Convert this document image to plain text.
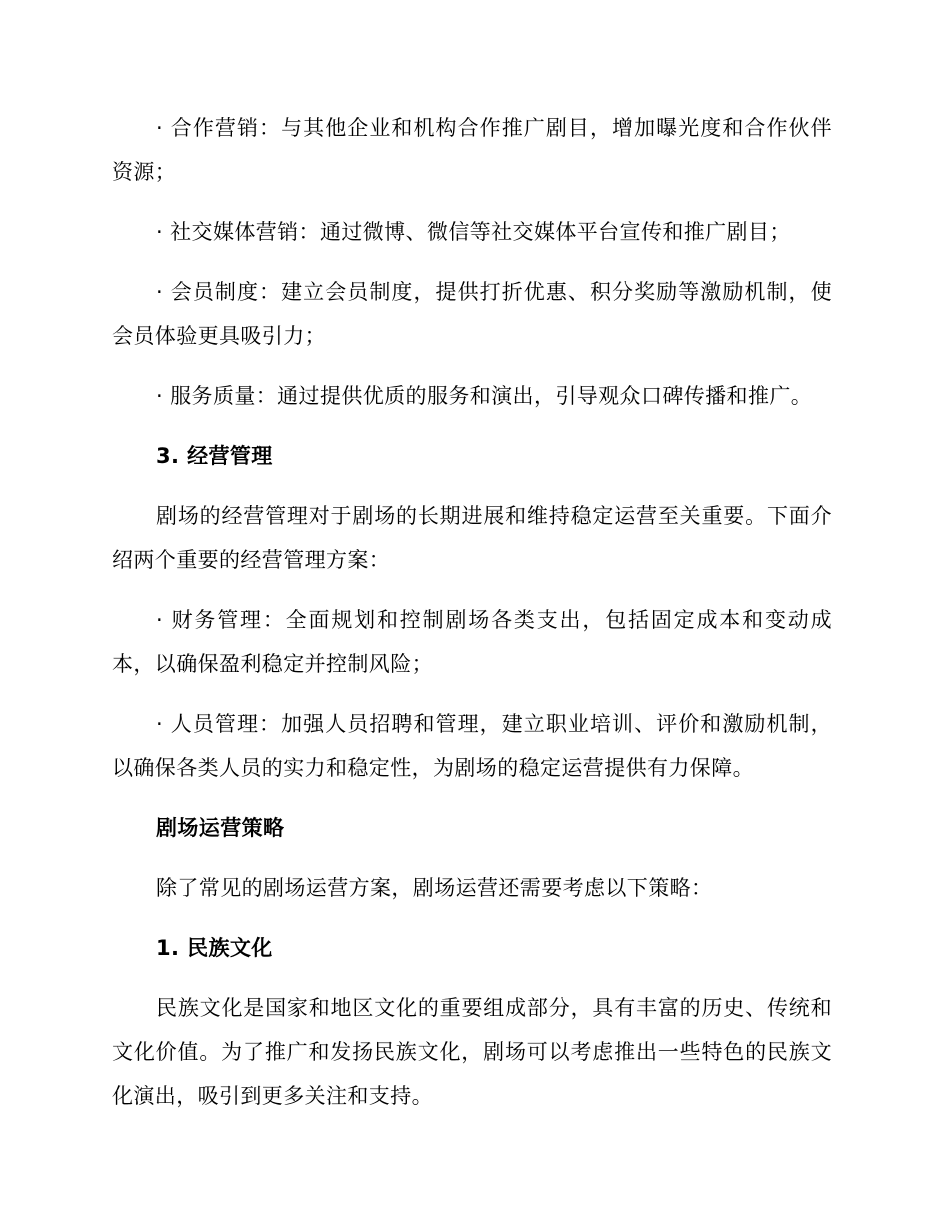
· 合作营销：与其他企业和机构合作推广剧目，增加曝光度和合作伙伴资源；

· 社交媒体营销：通过微博、微信等社交媒体平台宣传和推广剧目；

· 会员制度：建立会员制度，提供打折优惠、积分奖励等激励机制，使会员体验更具吸引力；

· 服务质量：通过提供优质的服务和演出，引导观众口碑传播和推广。

3. 经营管理

剧场的经营管理对于剧场的长期进展和维持稳定运营至关重要。下面介绍两个重要的经营管理方案：

· 财务管理：全面规划和控制剧场各类支出，包括固定成本和变动成本，以确保盈利稳定并控制风险；

· 人员管理：加强人员招聘和管理，建立职业培训、评价和激励机制，以确保各类人员的实力和稳定性，为剧场的稳定运营提供有力保障。

剧场运营策略

除了常见的剧场运营方案，剧场运营还需要考虑以下策略：

1. 民族文化

民族文化是国家和地区文化的重要组成部分，具有丰富的历史、传统和文化价值。为了推广和发扬民族文化，剧场可以考虑推出一些特色的民族文化演出，吸引到更多关注和支持。
